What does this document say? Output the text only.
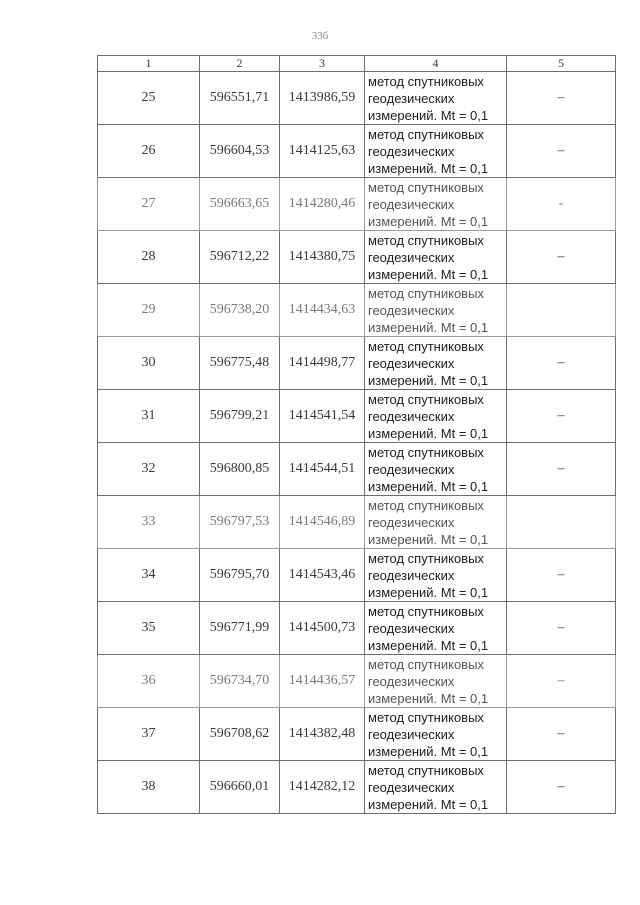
33б
1	2	3	4	5
25	596551,71	1413986,59	метод спутниковых
геодезических
измерений. Mt = 0,1	–
26	596604,53	1414125,63	метод спутниковых
геодезических
измерений. Mt = 0,1	–
27	596663,65	1414280,46	метод спутниковых
геодезических
измерений. Mt = 0,1	-
28	596712,22	1414380,75	метод спутниковых
геодезических
измерений. Mt = 0,1	–
29	596738,20	1414434,63	метод спутниковых
геодезических
измерений. Mt = 0,1	

30	596775,48	1414498,77	метод спутниковых
геодезических
измерений. Mt = 0,1	–
31	596799,21	1414541,54	метод спутниковых
геодезических
измерений. Mt = 0,1	–
32	596800,85	1414544,51	метод спутниковых
геодезических
измерений. Mt = 0,1	–
33	596797,53	1414546,89	метод спутниковых
геодезических
измерений. Mt = 0,1	

34	596795,70	1414543,46	метод спутниковых
геодезических
измерений. Mt = 0,1	–
35	596771,99	1414500,73	метод спутниковых
геодезических
измерений. Mt = 0,1	–
36	596734,70	1414436,57	метод спутниковых
геодезических
измерений. Mt = 0,1	–
37	596708,62	1414382,48	метод спутниковых
геодезических
измерений. Mt = 0,1	–
38	596660,01	1414282,12	метод спутниковых
геодезических
измерений. Mt = 0,1	–
